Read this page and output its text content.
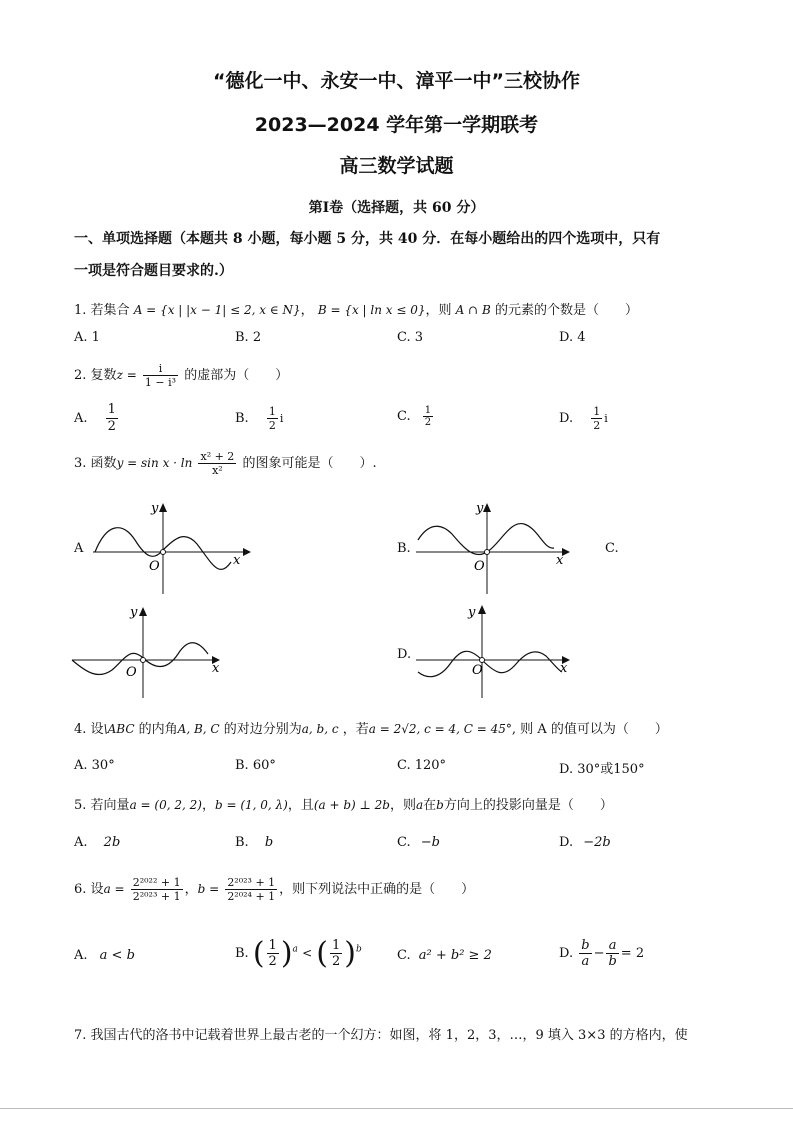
“德化一中、永安一中、漳平一中”三校协作
2023—2024 学年第一学期联考
高三数学试题
第Ⅰ卷（选择题，共 60 分）
一、单项选择题（本题共 8 小题，每小题 5 分，共 40 分．在每小题给出的四个选项中，只有
一项是符合题目要求的.）
1. 若集合 A = {x | |x − 1| ≤ 2, x ∈ N}， B = {x | ln x ≤ 0}，则 A ∩ B 的元素的个数是（　　）
A. 1	B. 2	C. 3	D. 4
2. 复数$z = \frac{i}{\text{1 − i³}}$ 的虚部为（　　）
A. $\frac{1}{2}$	B. $\frac{1}{2}$ i	C. $\frac{1}{2}$	D. $\frac{1}{2}$ i
3. 函数$y = \sin x \cdot \ln \frac{\text{x² + 2}}{\text{x²}}$ 的图象可能是（　　）.
A
O	x
y
B.
O	x
y
C.
O	x
y
D.
O	x
y
4. 设\ABC 的内角A, B, C 的对边分别为a, b, c ，若a = 2√2, c = 4, C = 45°, 则 A 的值可以为（　　）
A. 30°	B. 60°	C. 120°	D. 30°或150°
5. 若向量a = (0, 2, 2)，b = (1, 0, λ)，且(a + b) ⊥ 2b，则a在b方向上的投影向量是（　　）
A. 2b	B. b	C. −b	D. −2b
6. 设$a = \frac{\text{2²⁰²² + 1}}{\text{2²⁰²³ + 1}}$ ，$b = \frac{\text{2²⁰²³ + 1}}{\text{2²⁰²⁴ + 1}}$ ，则下列说法中正确的是（　　）
A. a < b	B. ( $\frac{1}{2} )^a$ < ( $\frac{1}{2} )^b$	C. a² + b² ≥ 2	D. $\frac{b}{a} - \frac{a}{b} = 2$
7. 我国古代的洛书中记载着世界上最古老的一个幻方：如图，将 1，2，3，…，9 填入 3×3 的方格内，使
